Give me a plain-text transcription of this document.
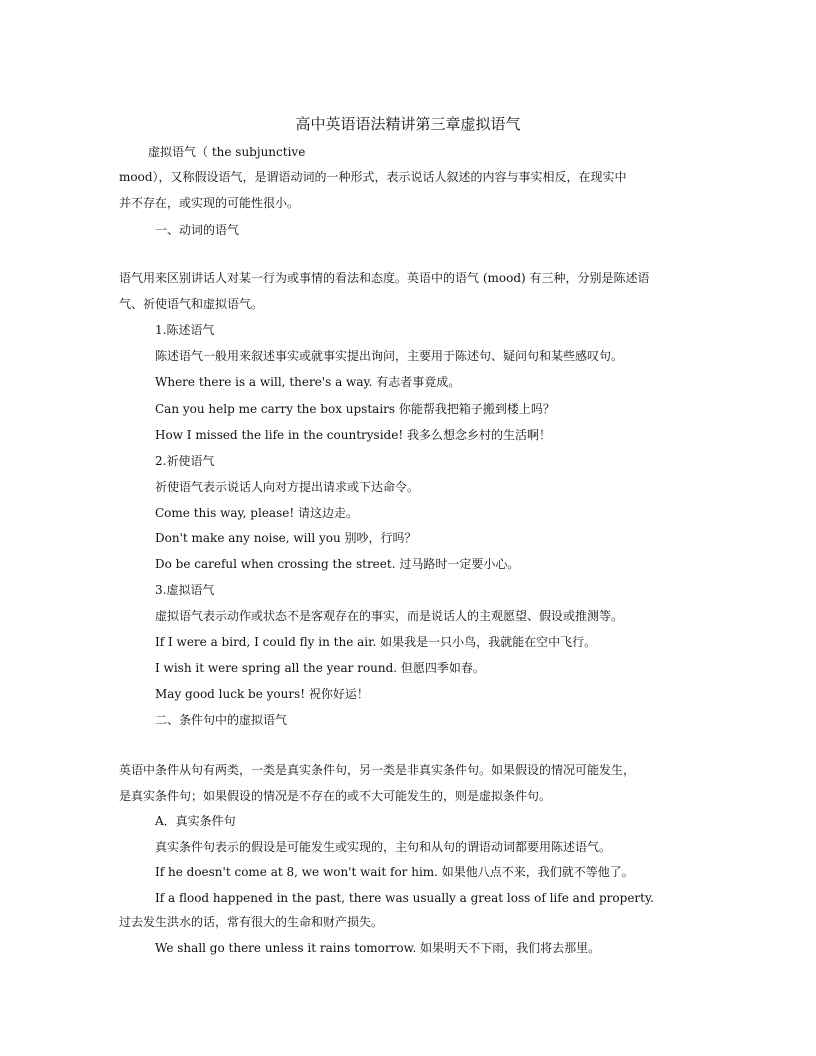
高中英语语法精讲第三章虚拟语气
虚拟语气（ the subjunctive
mood），又称假设语气，是谓语动词的一种形式，表示说话人叙述的内容与事实相反，在现实中
并不存在，或实现的可能性很小。
一、动词的语气
语气用来区别讲话人对某一行为或事情的看法和态度。英语中的语气 (mood) 有三种，分别是陈述语
气、祈使语气和虚拟语气。
1.陈述语气
陈述语气一般用来叙述事实或就事实提出询问，主要用于陈述句、疑问句和某些感叹句。
Where there is a will, there's a way. 有志者事竟成。
Can you help me carry the box upstairs 你能帮我把箱子搬到楼上吗？
How I missed the life in the countryside! 我多么想念乡村的生活啊！
2.祈使语气
祈使语气表示说话人向对方提出请求或下达命令。
Come this way, please! 请这边走。
Don't make any noise, will you 别吵，行吗？
Do be careful when crossing the street. 过马路时一定要小心。
3.虚拟语气
虚拟语气表示动作或状态不是客观存在的事实，而是说话人的主观愿望、假设或推测等。
If I were a bird, I could fly in the air. 如果我是一只小鸟，我就能在空中飞行。
I wish it were spring all the year round. 但愿四季如春。
May good luck be yours! 祝你好运！
二、条件句中的虚拟语气
英语中条件从句有两类，一类是真实条件句，另一类是非真实条件句。如果假设的情况可能发生，
是真实条件句；如果假设的情况是不存在的或不大可能发生的，则是虚拟条件句。
A．真实条件句
真实条件句表示的假设是可能发生或实现的，主句和从句的谓语动词都要用陈述语气。
If he doesn't come at 8, we won't wait for him. 如果他八点不来，我们就不等他了。
If a flood happened in the past, there was usually a great loss of life and property.
过去发生洪水的话，常有很大的生命和财产损失。
We shall go there unless it rains tomorrow. 如果明天不下雨，我们将去那里。
